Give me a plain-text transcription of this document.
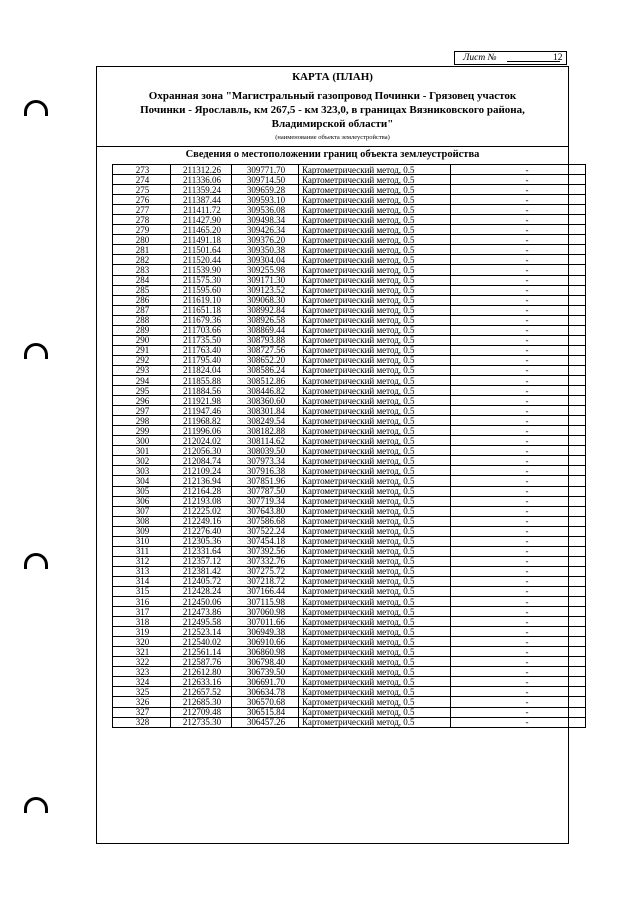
Лист №	12
КАРТА (ПЛАН)
Охранная зона "Магистральный газопровод Починки - Грязовец участок Починки - Ярославль, км 267,5 - км 323,0, в границах Вязниковского района, Владимирской области"
(наименование объекта землеустройства)
Сведения о местоположении границ объекта землеустройства
273	211312.26	309771.70	Картометрический метод, 0.5	-
274	211336.06	309714.50	Картометрический метод, 0.5	-
275	211359.24	309659.28	Картометрический метод, 0.5	-
276	211387.44	309593.10	Картометрический метод, 0.5	-
277	211411.72	309536.08	Картометрический метод, 0.5	-
278	211427.90	309498.34	Картометрический метод, 0.5	-
279	211465.20	309426.34	Картометрический метод, 0.5	-
280	211491.18	309376.20	Картометрический метод, 0.5	-
281	211501.64	309350.38	Картометрический метод, 0.5	-
282	211520.44	309304.04	Картометрический метод, 0.5	-
283	211539.90	309255.98	Картометрический метод, 0.5	-
284	211575.30	309171.30	Картометрический метод, 0.5	-
285	211595.60	309123.52	Картометрический метод, 0.5	-
286	211619.10	309068.30	Картометрический метод, 0.5	-
287	211651.18	308992.84	Картометрический метод, 0.5	-
288	211679.36	308926.58	Картометрический метод, 0.5	-
289	211703.66	308869.44	Картометрический метод, 0.5	-
290	211735.50	308793.88	Картометрический метод, 0.5	-
291	211763.40	308727.56	Картометрический метод, 0.5	-
292	211795.40	308652.20	Картометрический метод, 0.5	-
293	211824.04	308586.24	Картометрический метод, 0.5	-
294	211855.88	308512.86	Картометрический метод, 0.5	-
295	211884.56	308446.82	Картометрический метод, 0.5	-
296	211921.98	308360.60	Картометрический метод, 0.5	-
297	211947.46	308301.84	Картометрический метод, 0.5	-
298	211968.82	308249.54	Картометрический метод, 0.5	-
299	211996.06	308182.88	Картометрический метод, 0.5	-
300	212024.02	308114.62	Картометрический метод, 0.5	-
301	212056.30	308039.50	Картометрический метод, 0.5	-
302	212084.74	307973.34	Картометрический метод, 0.5	-
303	212109.24	307916.38	Картометрический метод, 0.5	-
304	212136.94	307851.96	Картометрический метод, 0.5	-
305	212164.28	307787.50	Картометрический метод, 0.5	-
306	212193.08	307719.34	Картометрический метод, 0.5	-
307	212225.02	307643.80	Картометрический метод, 0.5	-
308	212249.16	307586.68	Картометрический метод, 0.5	-
309	212276.40	307522.24	Картометрический метод, 0.5	-
310	212305.36	307454.18	Картометрический метод, 0.5	-
311	212331.64	307392.56	Картометрический метод, 0.5	-
312	212357.12	307332.76	Картометрический метод, 0.5	-
313	212381.42	307275.72	Картометрический метод, 0.5	-
314	212405.72	307218.72	Картометрический метод, 0.5	-
315	212428.24	307166.44	Картометрический метод, 0.5	-
316	212450.06	307115.98	Картометрический метод, 0.5	-
317	212473.86	307060.98	Картометрический метод, 0.5	-
318	212495.58	307011.66	Картометрический метод, 0.5	-
319	212523.14	306949.38	Картометрический метод, 0.5	-
320	212540.02	306910.66	Картометрический метод, 0.5	-
321	212561.14	306860.98	Картометрический метод, 0.5	-
322	212587.76	306798.40	Картометрический метод, 0.5	-
323	212612.80	306739.50	Картометрический метод, 0.5	-
324	212633.16	306691.70	Картометрический метод, 0.5	-
325	212657.52	306634.78	Картометрический метод, 0.5	-
326	212685.30	306570.68	Картометрический метод, 0.5	-
327	212709.48	306515.84	Картометрический метод, 0.5	-
328	212735.30	306457.26	Картометрический метод, 0.5	-
